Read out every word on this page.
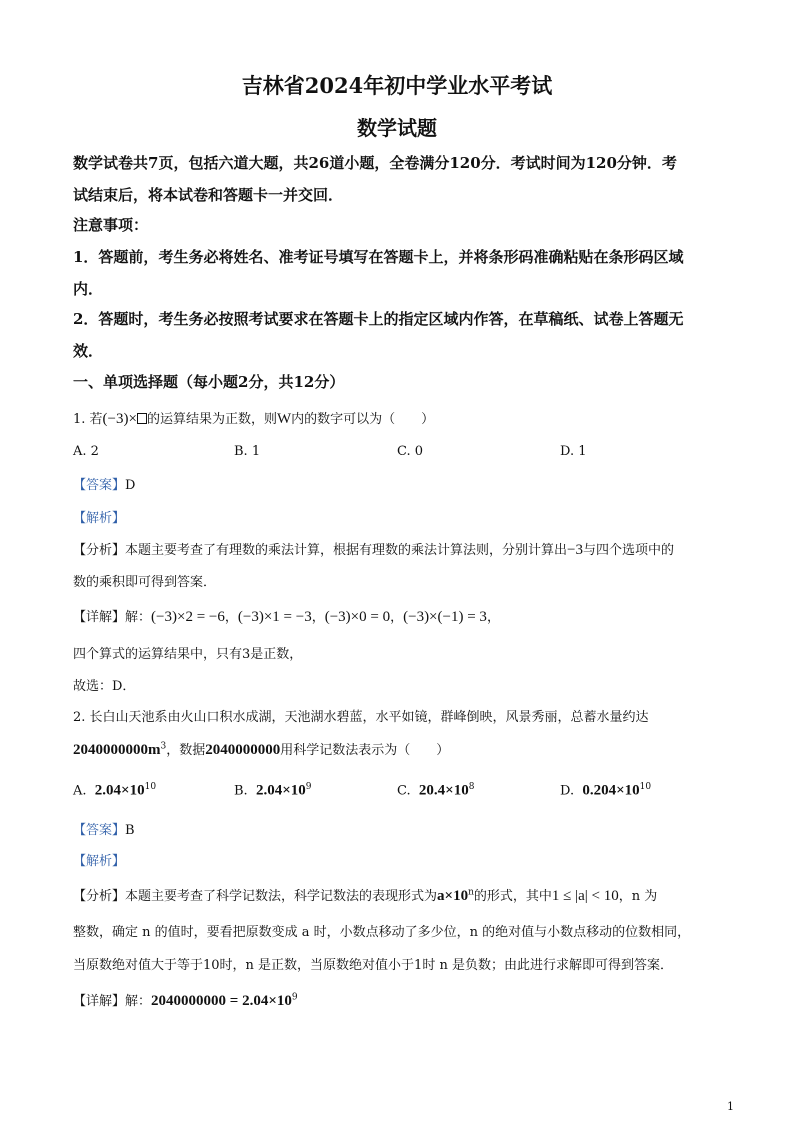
吉林省2024年初中学业水平考试
数学试题
数学试卷共7页，包括六道大题，共26道小题，全卷满分120分．考试时间为120分钟．考
试结束后，将本试卷和答题卡一并交回．
注意事项：
1．答题前，考生务必将姓名、准考证号填写在答题卡上，并将条形码准确粘贴在条形码区域
内．
2．答题时，考生务必按照考试要求在答题卡上的指定区域内作答，在草稿纸、试卷上答题无
效．
一、单项选择题（每小题2分，共12分）
1. 若(−3)× 的运算结果为正数，则W内的数字可以为（　　）
A. 2	B. 1	C. 0	D. 1
【答案】D
【解析】
【分析】本题主要考查了有理数的乘法计算，根据有理数的乘法计算法则，分别计算出−3与四个选项中的
数的乘积即可得到答案．
【详解】解：(−3)×2 = −6，(−3)×1 = −3，(−3)×0 = 0，(−3)×(−1) = 3，
四个算式的运算结果中，只有3是正数，
故选：D．
2. 长白山天池系由火山口积水成湖，天池湖水碧蓝，水平如镜，群峰倒映，风景秀丽，总蓄水量约达
$2040000000m^3$，数据2040000000用科学记数法表示为（　　）
A. $2.04\times 10^{10}$	B. $2.04\times 10^9$	C. $20.4\times 10^8$	D. $0.204\times 10^{10}$
【答案】B
【解析】
【分析】本题主要考查了科学记数法，科学记数法的表现形式为$a\times 10^n$的形式，其中1 ≤ |a| < 10，n 为
整数，确定 n 的值时，要看把原数变成 a 时，小数点移动了多少位，n 的绝对值与小数点移动的位数相同，
当原数绝对值大于等于10时，n 是正数，当原数绝对值小于1时 n 是负数；由此进行求解即可得到答案．
【详解】解：$2040000000 = 2.04\times 10^9$
1
